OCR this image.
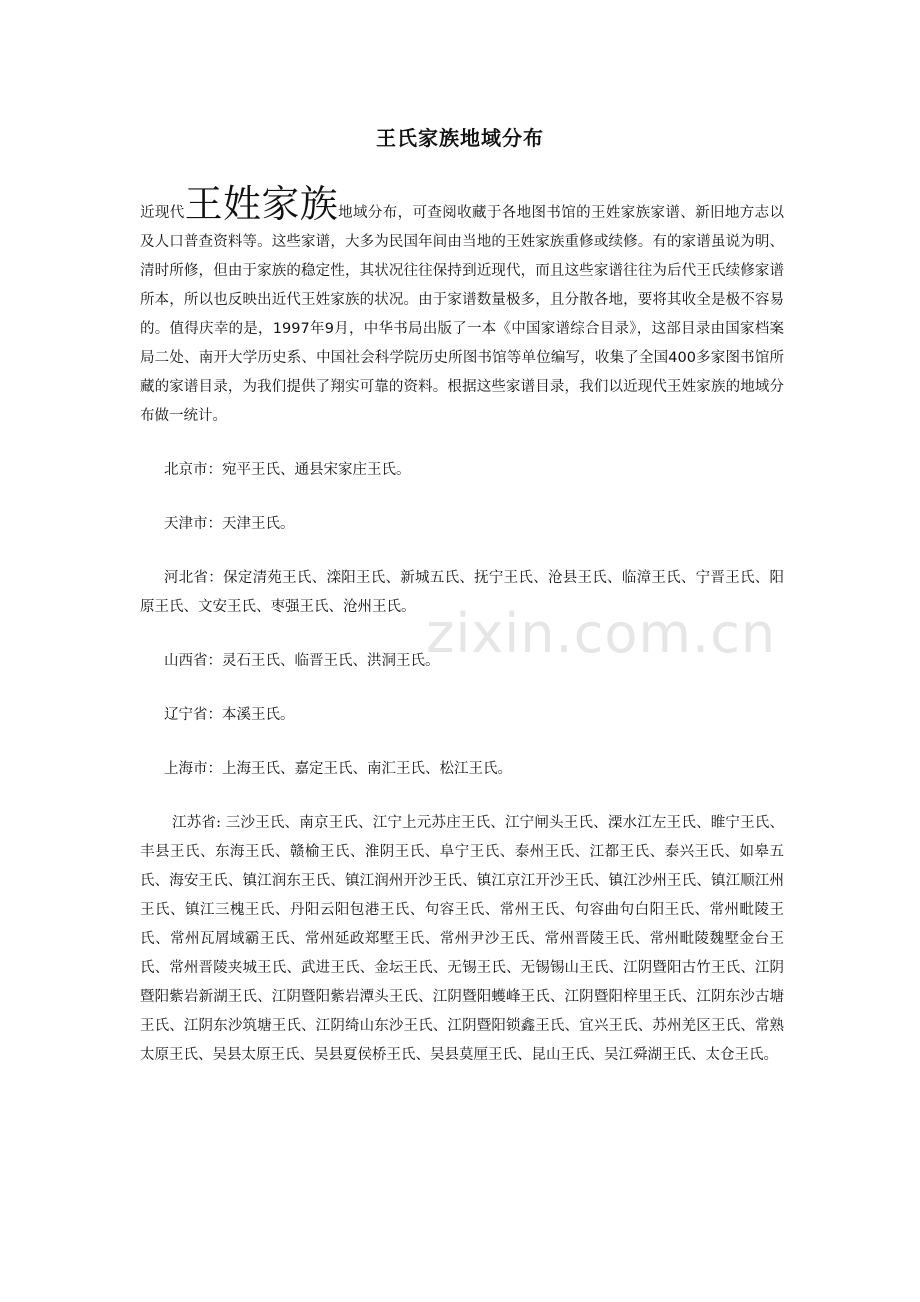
zixin.com.cn
王氏家族地域分布

近现代王姓家族地域分布，可查阅收藏于各地图书馆的王姓家族家谱、新旧地方志以及人口普查资料等。这些家谱，大多为民国年间由当地的王姓家族重修或续修。有的家谱虽说为明、清时所修，但由于家族的稳定性，其状况往往保持到近现代，而且这些家谱往往为后代王氏续修家谱所本，所以也反映出近代王姓家族的状况。由于家谱数量极多，且分散各地，要将其收全是极不容易的。值得庆幸的是，1997年9月，中华书局出版了一本《中国家谱综合目录》，这部目录由国家档案局二处、南开大学历史系、中国社会科学院历史所图书馆等单位编写，收集了全国400多家图书馆所藏的家谱目录，为我们提供了翔实可靠的资料。根据这些家谱目录，我们以近现代王姓家族的地域分布做一统计。

北京市：宛平王氏、通县宋家庄王氏。

天津市：天津王氏。

河北省：保定清苑王氏、滦阳王氏、新城五氏、抚宁王氏、沧县王氏、临漳王氏、宁晋王氏、阳原王氏、文安王氏、枣强王氏、沧州王氏。

山西省：灵石王氏、临晋王氏、洪洞王氏。

辽宁省：本溪王氏。

上海市：上海王氏、嘉定王氏、南汇王氏、松江王氏。

江苏省: 三沙王氏、南京王氏、江宁上元苏庄王氏、江宁闸头王氏、溧水江左王氏、睢宁王氏、丰县王氏、东海王氏、赣榆王氏、淮阴王氏、阜宁王氏、泰州王氏、江都王氏、泰兴王氏、如皋五氏、海安王氏、镇江润东王氏、镇江润州开沙王氏、镇江京江开沙王氏、镇江沙州王氏、镇江顺江州王氏、镇江三槐王氏、丹阳云阳包港王氏、句容王氏、常州王氏、句容曲句白阳王氏、常州毗陵王氏、常州瓦屑域霸王氏、常州延政郑墅王氏、常州尹沙王氏、常州晋陵王氏、常州毗陵魏墅金台王氏、常州晋陵夹城王氏、武进王氏、金坛王氏、无锡王氏、无锡锡山王氏、江阴暨阳古竹王氏、江阴暨阳紫岩新湖王氏、江阴暨阳紫岩潭头王氏、江阴暨阳蠖峰王氏、江阴暨阳梓里王氏、江阴东沙古塘王氏、江阴东沙筑塘王氏、江阴绮山东沙王氏、江阴暨阳锁鑫王氏、宜兴王氏、苏州羌区王氏、常熟太原王氏、吴县太原王氏、吴县夏侯桥王氏、吴县莫厘王氏、昆山王氏、吴江舜湖王氏、太仓王氏。
